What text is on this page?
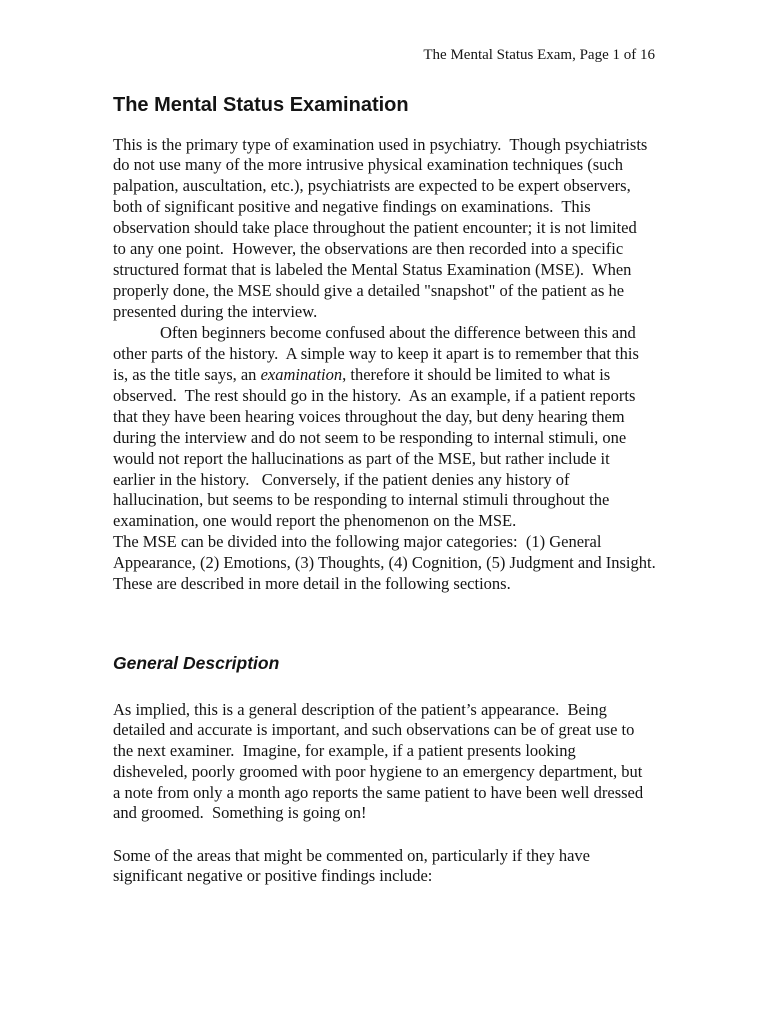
The Mental Status Exam, Page 1 of 16
The Mental Status Examination
This is the primary type of examination used in psychiatry.  Though psychiatrists
do not use many of the more intrusive physical examination techniques (such
palpation, auscultation, etc.), psychiatrists are expected to be expert observers,
both of significant positive and negative findings on examinations.  This
observation should take place throughout the patient encounter; it is not limited
to any one point.  However, the observations are then recorded into a specific
structured format that is labeled the Mental Status Examination (MSE).  When
properly done, the MSE should give a detailed "snapshot" of the patient as he
presented during the interview.
Often beginners become confused about the difference between this and
other parts of the history.  A simple way to keep it apart is to remember that this
is, as the title says, an examination, therefore it should be limited to what is
observed.  The rest should go in the history.  As an example, if a patient reports
that they have been hearing voices throughout the day, but deny hearing them
during the interview and do not seem to be responding to internal stimuli, one
would not report the hallucinations as part of the MSE, but rather include it
earlier in the history.   Conversely, if the patient denies any history of
hallucination, but seems to be responding to internal stimuli throughout the
examination, one would report the phenomenon on the MSE.
The MSE can be divided into the following major categories:  (1) General
Appearance, (2) Emotions, (3) Thoughts, (4) Cognition, (5) Judgment and Insight.
These are described in more detail in the following sections.
General Description
As implied, this is a general description of the patient’s appearance.  Being
detailed and accurate is important, and such observations can be of great use to
the next examiner.  Imagine, for example, if a patient presents looking
disheveled, poorly groomed with poor hygiene to an emergency department, but
a note from only a month ago reports the same patient to have been well dressed
and groomed.  Something is going on!
Some of the areas that might be commented on, particularly if they have
significant negative or positive findings include:
